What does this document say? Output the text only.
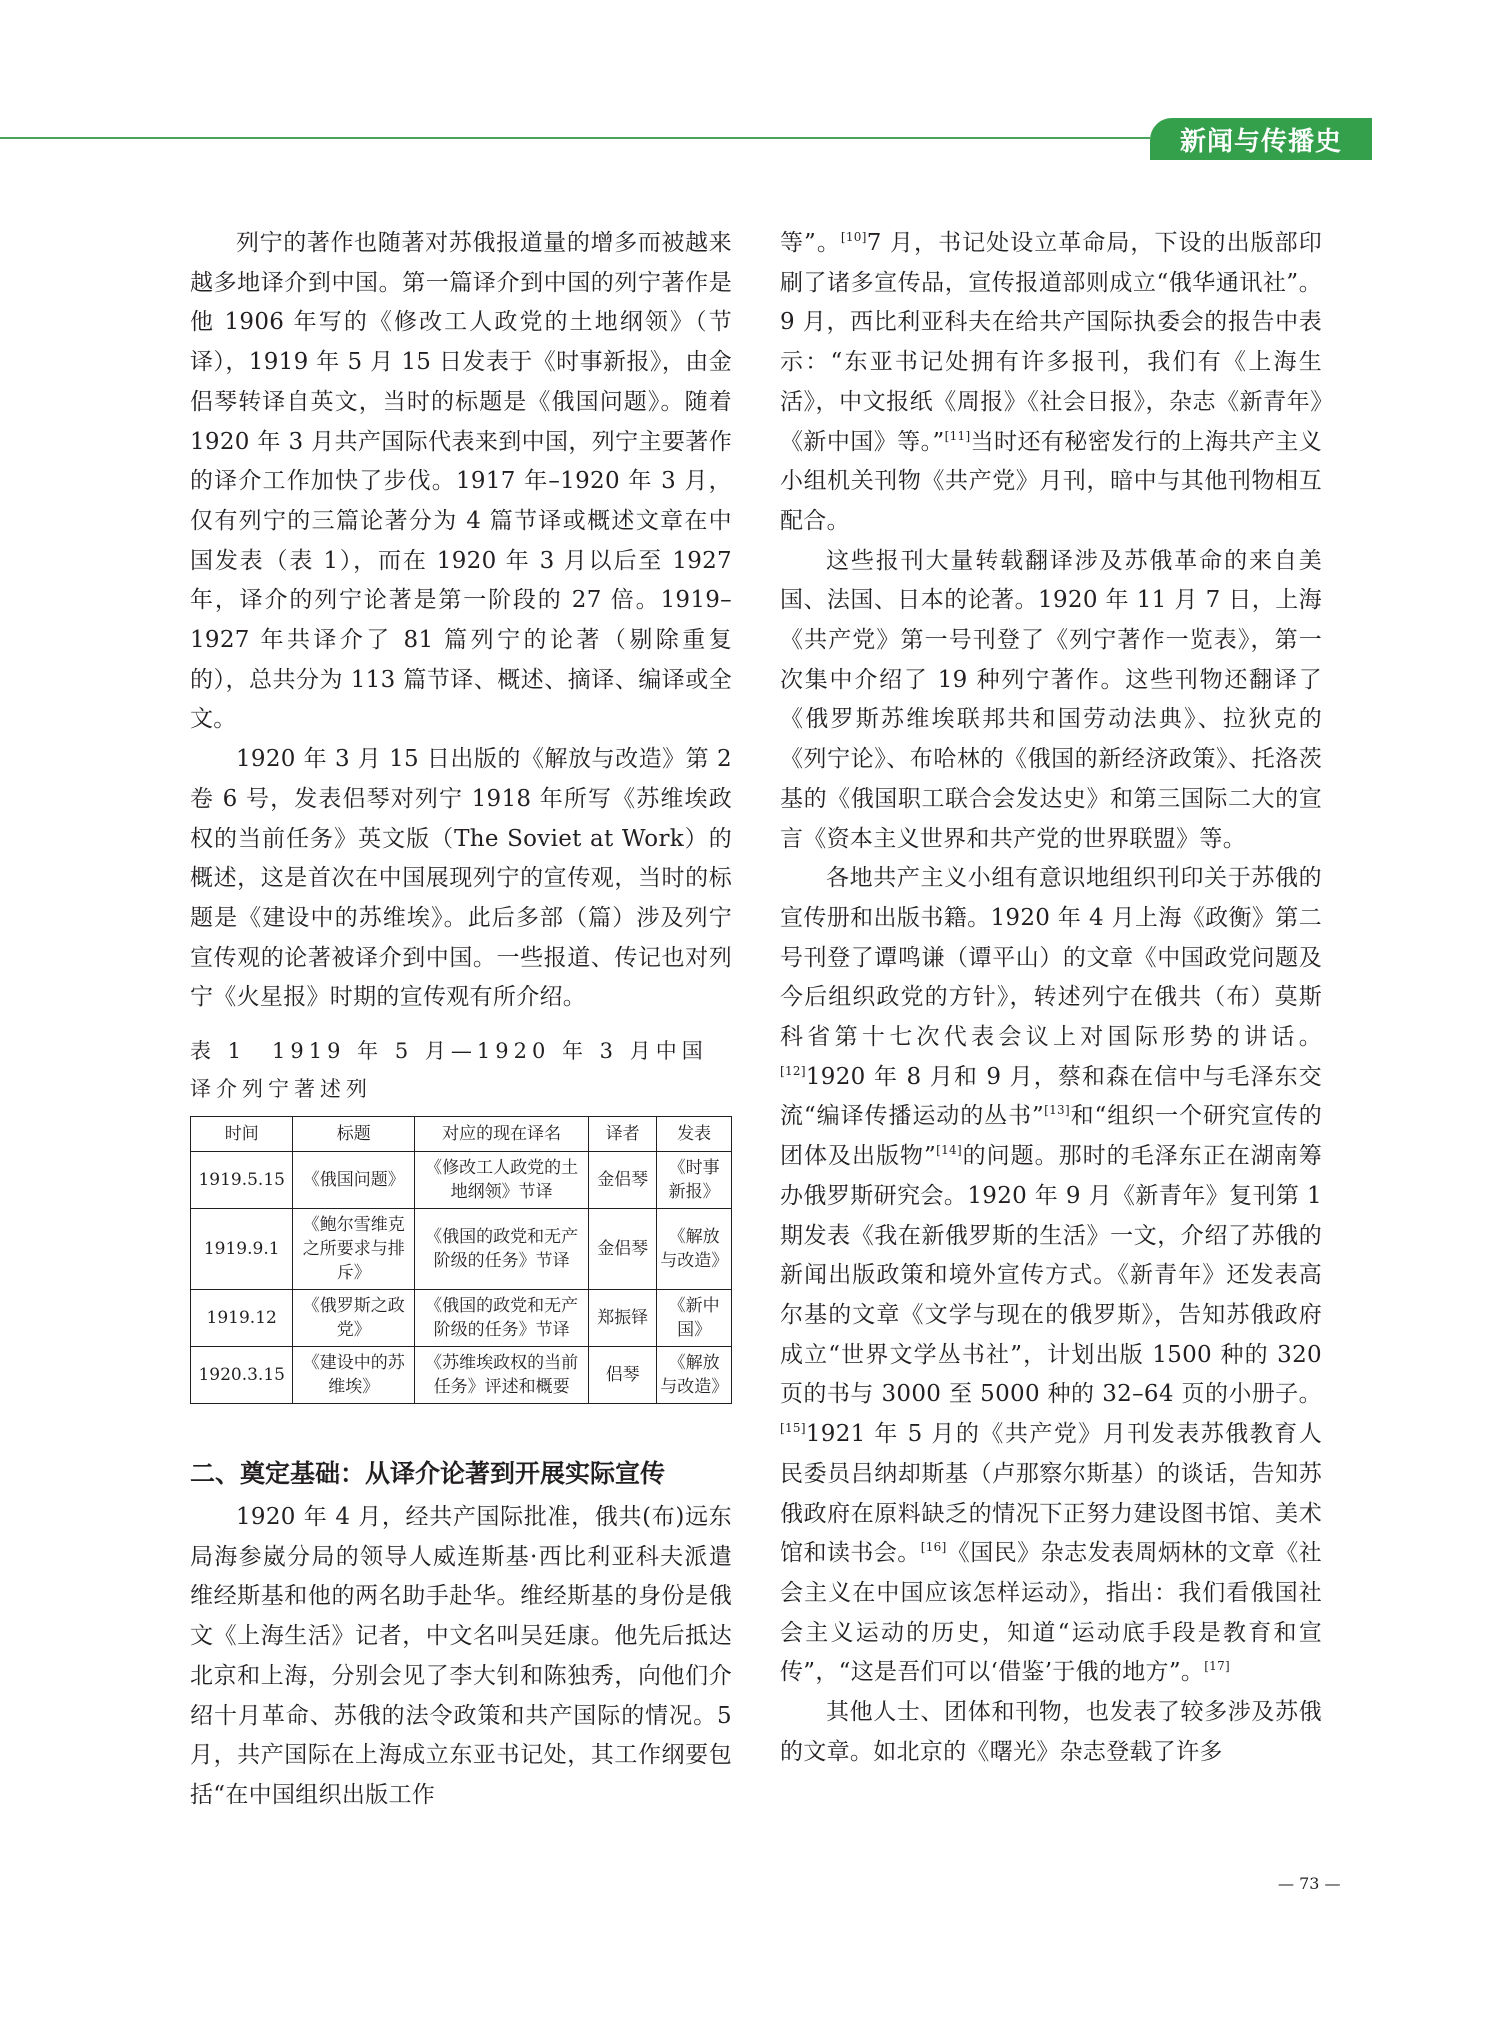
新闻与传播史

列宁的著作也随著对苏俄报道量的增多而被越来越多地译介到中国。第一篇译介到中国的列宁著作是他 1906 年写的《修改工人政党的土地纲领》（节译），1919 年 5 月 15 日发表于《时事新报》，由金侣琴转译自英文，当时的标题是《俄国问题》。随着 1920 年 3 月共产国际代表来到中国，列宁主要著作的译介工作加快了步伐。1917 年–1920 年 3 月，仅有列宁的三篇论著分为 4 篇节译或概述文章在中国发表（表 1），而在 1920 年 3 月以后至 1927 年，译介的列宁论著是第一阶段的 27 倍。1919–1927 年共译介了 81 篇列宁的论著（剔除重复的），总共分为 113 篇节译、概述、摘译、编译或全文。

1920 年 3 月 15 日出版的《解放与改造》第 2 卷 6 号，发表侣琴对列宁 1918 年所写《苏维埃政权的当前任务》英文版（The Soviet at Work）的概述，这是首次在中国展现列宁的宣传观，当时的标题是《建设中的苏维埃》。此后多部（篇）涉及列宁宣传观的论著被译介到中国。一些报道、传记也对列宁《火星报》时期的宣传观有所介绍。

表 1　1919 年 5 月—1920 年 3 月中国译介列宁著述列
时间	标题	对应的现在译名	译者	发表
1919.5.15	《俄国问题》	《修改工人政党的土地纲领》节译	金侣琴	《时事新报》
1919.9.1	《鲍尔雪维克之所要求与排斥》	《俄国的政党和无产阶级的任务》节译	金侣琴	《解放与改造》
1919.12	《俄罗斯之政党》	《俄国的政党和无产阶级的任务》节译	郑振铎	《新中国》
1920.3.15	《建设中的苏维埃》	《苏维埃政权的当前任务》评述和概要	侣琴	《解放与改造》
二、奠定基础：从译介论著到开展实际宣传

1920 年 4 月，经共产国际批准，俄共(布)远东局海参崴分局的领导人威连斯基·西比利亚科夫派遣维经斯基和他的两名助手赴华。维经斯基的身份是俄文《上海生活》记者，中文名叫吴廷康。他先后抵达北京和上海，分别会见了李大钊和陈独秀，向他们介绍十月革命、苏俄的法令政策和共产国际的情况。5 月，共产国际在上海成立东亚书记处，其工作纲要包括“在中国组织出版工作

等”。[10]7 月，书记处设立革命局，下设的出版部印刷了诸多宣传品，宣传报道部则成立“俄华通讯社”。9 月，西比利亚科夫在给共产国际执委会的报告中表示：“东亚书记处拥有许多报刊，我们有《上海生活》，中文报纸《周报》《社会日报》，杂志《新青年》《新中国》等。”[11]当时还有秘密发行的上海共产主义小组机关刊物《共产党》月刊，暗中与其他刊物相互配合。

这些报刊大量转载翻译涉及苏俄革命的来自美国、法国、日本的论著。1920 年 11 月 7 日，上海《共产党》第一号刊登了《列宁著作一览表》，第一次集中介绍了 19 种列宁著作。这些刊物还翻译了《俄罗斯苏维埃联邦共和国劳动法典》、拉狄克的《列宁论》、布哈林的《俄国的新经济政策》、托洛茨基的《俄国职工联合会发达史》和第三国际二大的宣言《资本主义世界和共产党的世界联盟》等。

各地共产主义小组有意识地组织刊印关于苏俄的宣传册和出版书籍。1920 年 4 月上海《政衡》第二号刊登了谭鸣谦（谭平山）的文章《中国政党问题及今后组织政党的方针》，转述列宁在俄共（布）莫斯科省第十七次代表会议上对国际形势的讲话。[12]1920 年 8 月和 9 月，蔡和森在信中与毛泽东交流“编译传播运动的丛书”[13]和“组织一个研究宣传的团体及出版物”[14]的问题。那时的毛泽东正在湖南筹办俄罗斯研究会。1920 年 9 月《新青年》复刊第 1 期发表《我在新俄罗斯的生活》一文，介绍了苏俄的新闻出版政策和境外宣传方式。《新青年》还发表高尔基的文章《文学与现在的俄罗斯》，告知苏俄政府成立“世界文学丛书社”，计划出版 1500 种的 320 页的书与 3000 至 5000 种的 32–64 页的小册子。[15]1921 年 5 月的《共产党》月刊发表苏俄教育人民委员吕纳却斯基（卢那察尔斯基）的谈话，告知苏俄政府在原料缺乏的情况下正努力建设图书馆、美术馆和读书会。[16]《国民》杂志发表周炳林的文章《社会主义在中国应该怎样运动》，指出：我们看俄国社会主义运动的历史，知道“运动底手段是教育和宣传”，“这是吾们可以‘借鉴’于俄的地方”。[17]

其他人士、团体和刊物，也发表了较多涉及苏俄的文章。如北京的《曙光》杂志登载了许多

— 73 —
